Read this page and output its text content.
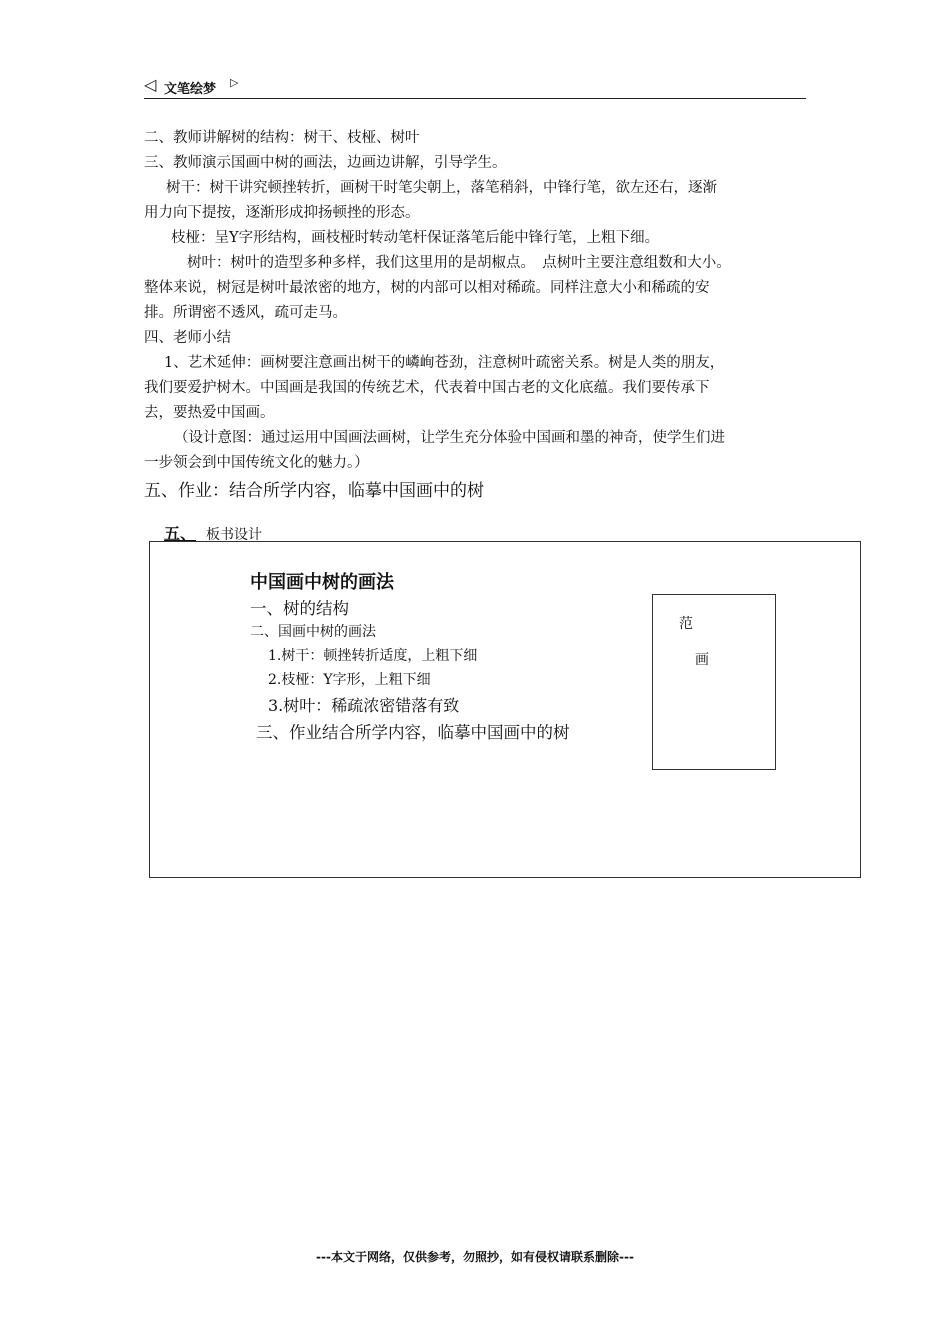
◁ 文笔绘梦 ▷

二、教师讲解树的结构：树干、枝桠、树叶

三、教师演示国画中树的画法，边画边讲解，引导学生。

树干：树干讲究顿挫转折，画树干时笔尖朝上，落笔稍斜，中锋行笔，欲左还右，逐渐

用力向下提按，逐渐形成抑扬顿挫的形态。

枝桠：呈Y字形结构，画枝桠时转动笔杆保证落笔后能中锋行笔，上粗下细。

树叶：树叶的造型多种多样，我们这里用的是胡椒点。　点树叶主要注意组数和大小。

整体来说，树冠是树叶最浓密的地方，树的内部可以相对稀疏。同样注意大小和稀疏的安

排。所谓密不透风，疏可走马。

四、老师小结

1、艺术延伸：画树要注意画出树干的嶙峋苍劲，注意树叶疏密关系。树是人类的朋友，

我们要爱护树木。中国画是我国的传统艺术，代表着中国古老的文化底蕴。我们要传承下

去，要热爱中国画。

（设计意图：通过运用中国画法画树，让学生充分体验中国画和墨的神奇，使学生们进

一步领会到中国传统文化的魅力。）

五、作业：结合所学内容，临摹中国画中的树

五、 板书设计
中国画中树的画法
一、树的结构
二、国画中树的画法
1.树干：顿挫转折适度，上粗下细
2.枝桠：Y字形，上粗下细
3.树叶：稀疏浓密错落有致
三、作业结合所学内容，临摹中国画中的树
范
画
---本文于网络，仅供参考，勿照抄，如有侵权请联系删除---
